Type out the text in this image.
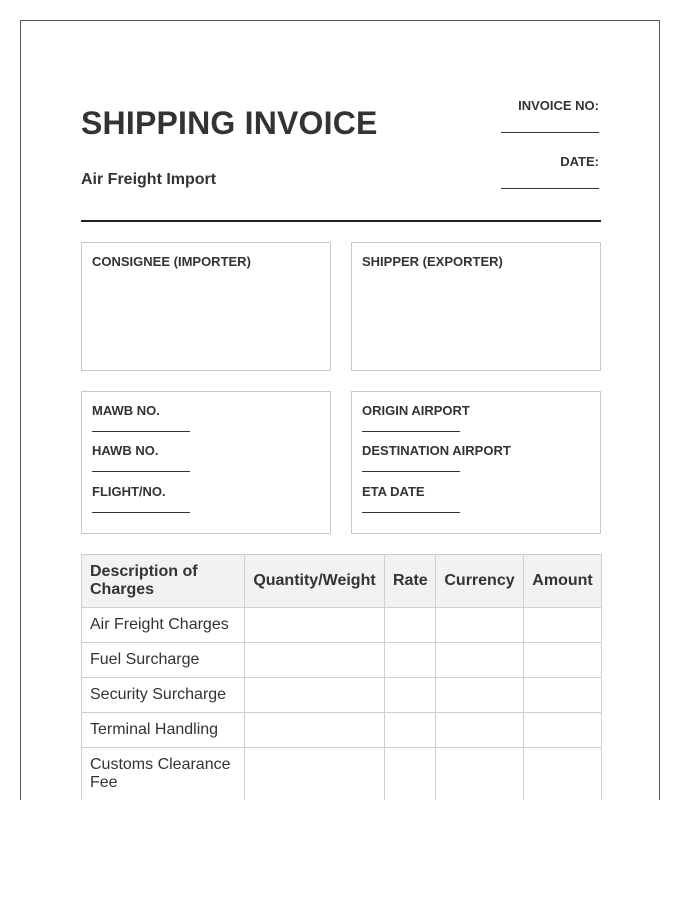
SHIPPING INVOICE
Air Freight Import
INVOICE NO:
DATE:
CONSIGNEE (IMPORTER)	SHIPPER (EXPORTER)
MAWB NO.
HAWB NO.
FLIGHT/NO.
ORIGIN AIRPORT
DESTINATION AIRPORT
ETA DATE
Description of Charges	Quantity/Weight	Rate	Currency	Amount
Air Freight Charges				
Fuel Surcharge				
Security Surcharge				
Terminal Handling				
Customs Clearance Fee				
